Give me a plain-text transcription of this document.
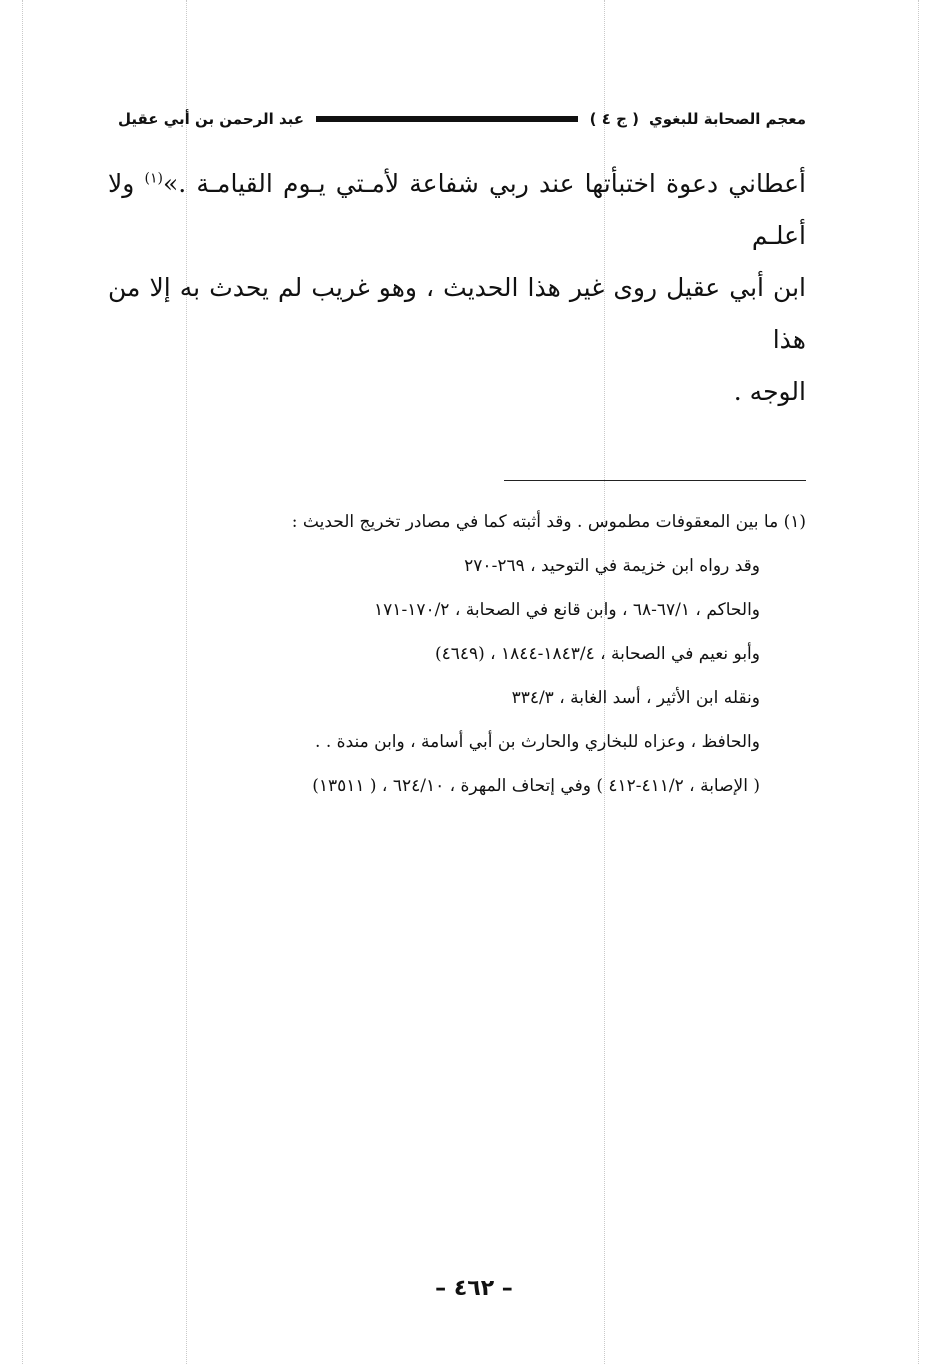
معجم الصحابة للبغوي
( ج ٤ )
عبد الرحمن بن أبي عقيل
أعطاني دعوة اختبأتها عند ربي شفاعة لأمـتي يـوم القيامـة .»$^{(١)}$ ولا أعلـم
ابن أبي عقيل روى غير هذا الحديث ، وهو غريب لم يحدث به إلا من هذا
الوجه .
(١) ما بين المعقوفات مطموس . وقد أثبته كما في مصادر تخريج الحديث :
وقد رواه ابن خزيمة في التوحيد ، ٢٦٩-٢٧٠
والحاكم ، ٦٧/١-٦٨ ، وابن قانع في الصحابة ، ١٧٠/٢-١٧١
وأبو نعيم في الصحابة ، ١٨٤٣/٤-١٨٤٤ ، (٤٦٤٩)
ونقله ابن الأثير ، أسد الغابة ، ٣٣٤/٣
والحافظ ، وعزاه للبخاري والحارث بن أبي أسامة ، وابن مندة . .
( الإصابة ، ٤١١/٢-٤١٢ ) وفي إتحاف المهرة ، ٦٢٤/١٠ ، ( ١٣٥١١)
– ٤٦٢ –
